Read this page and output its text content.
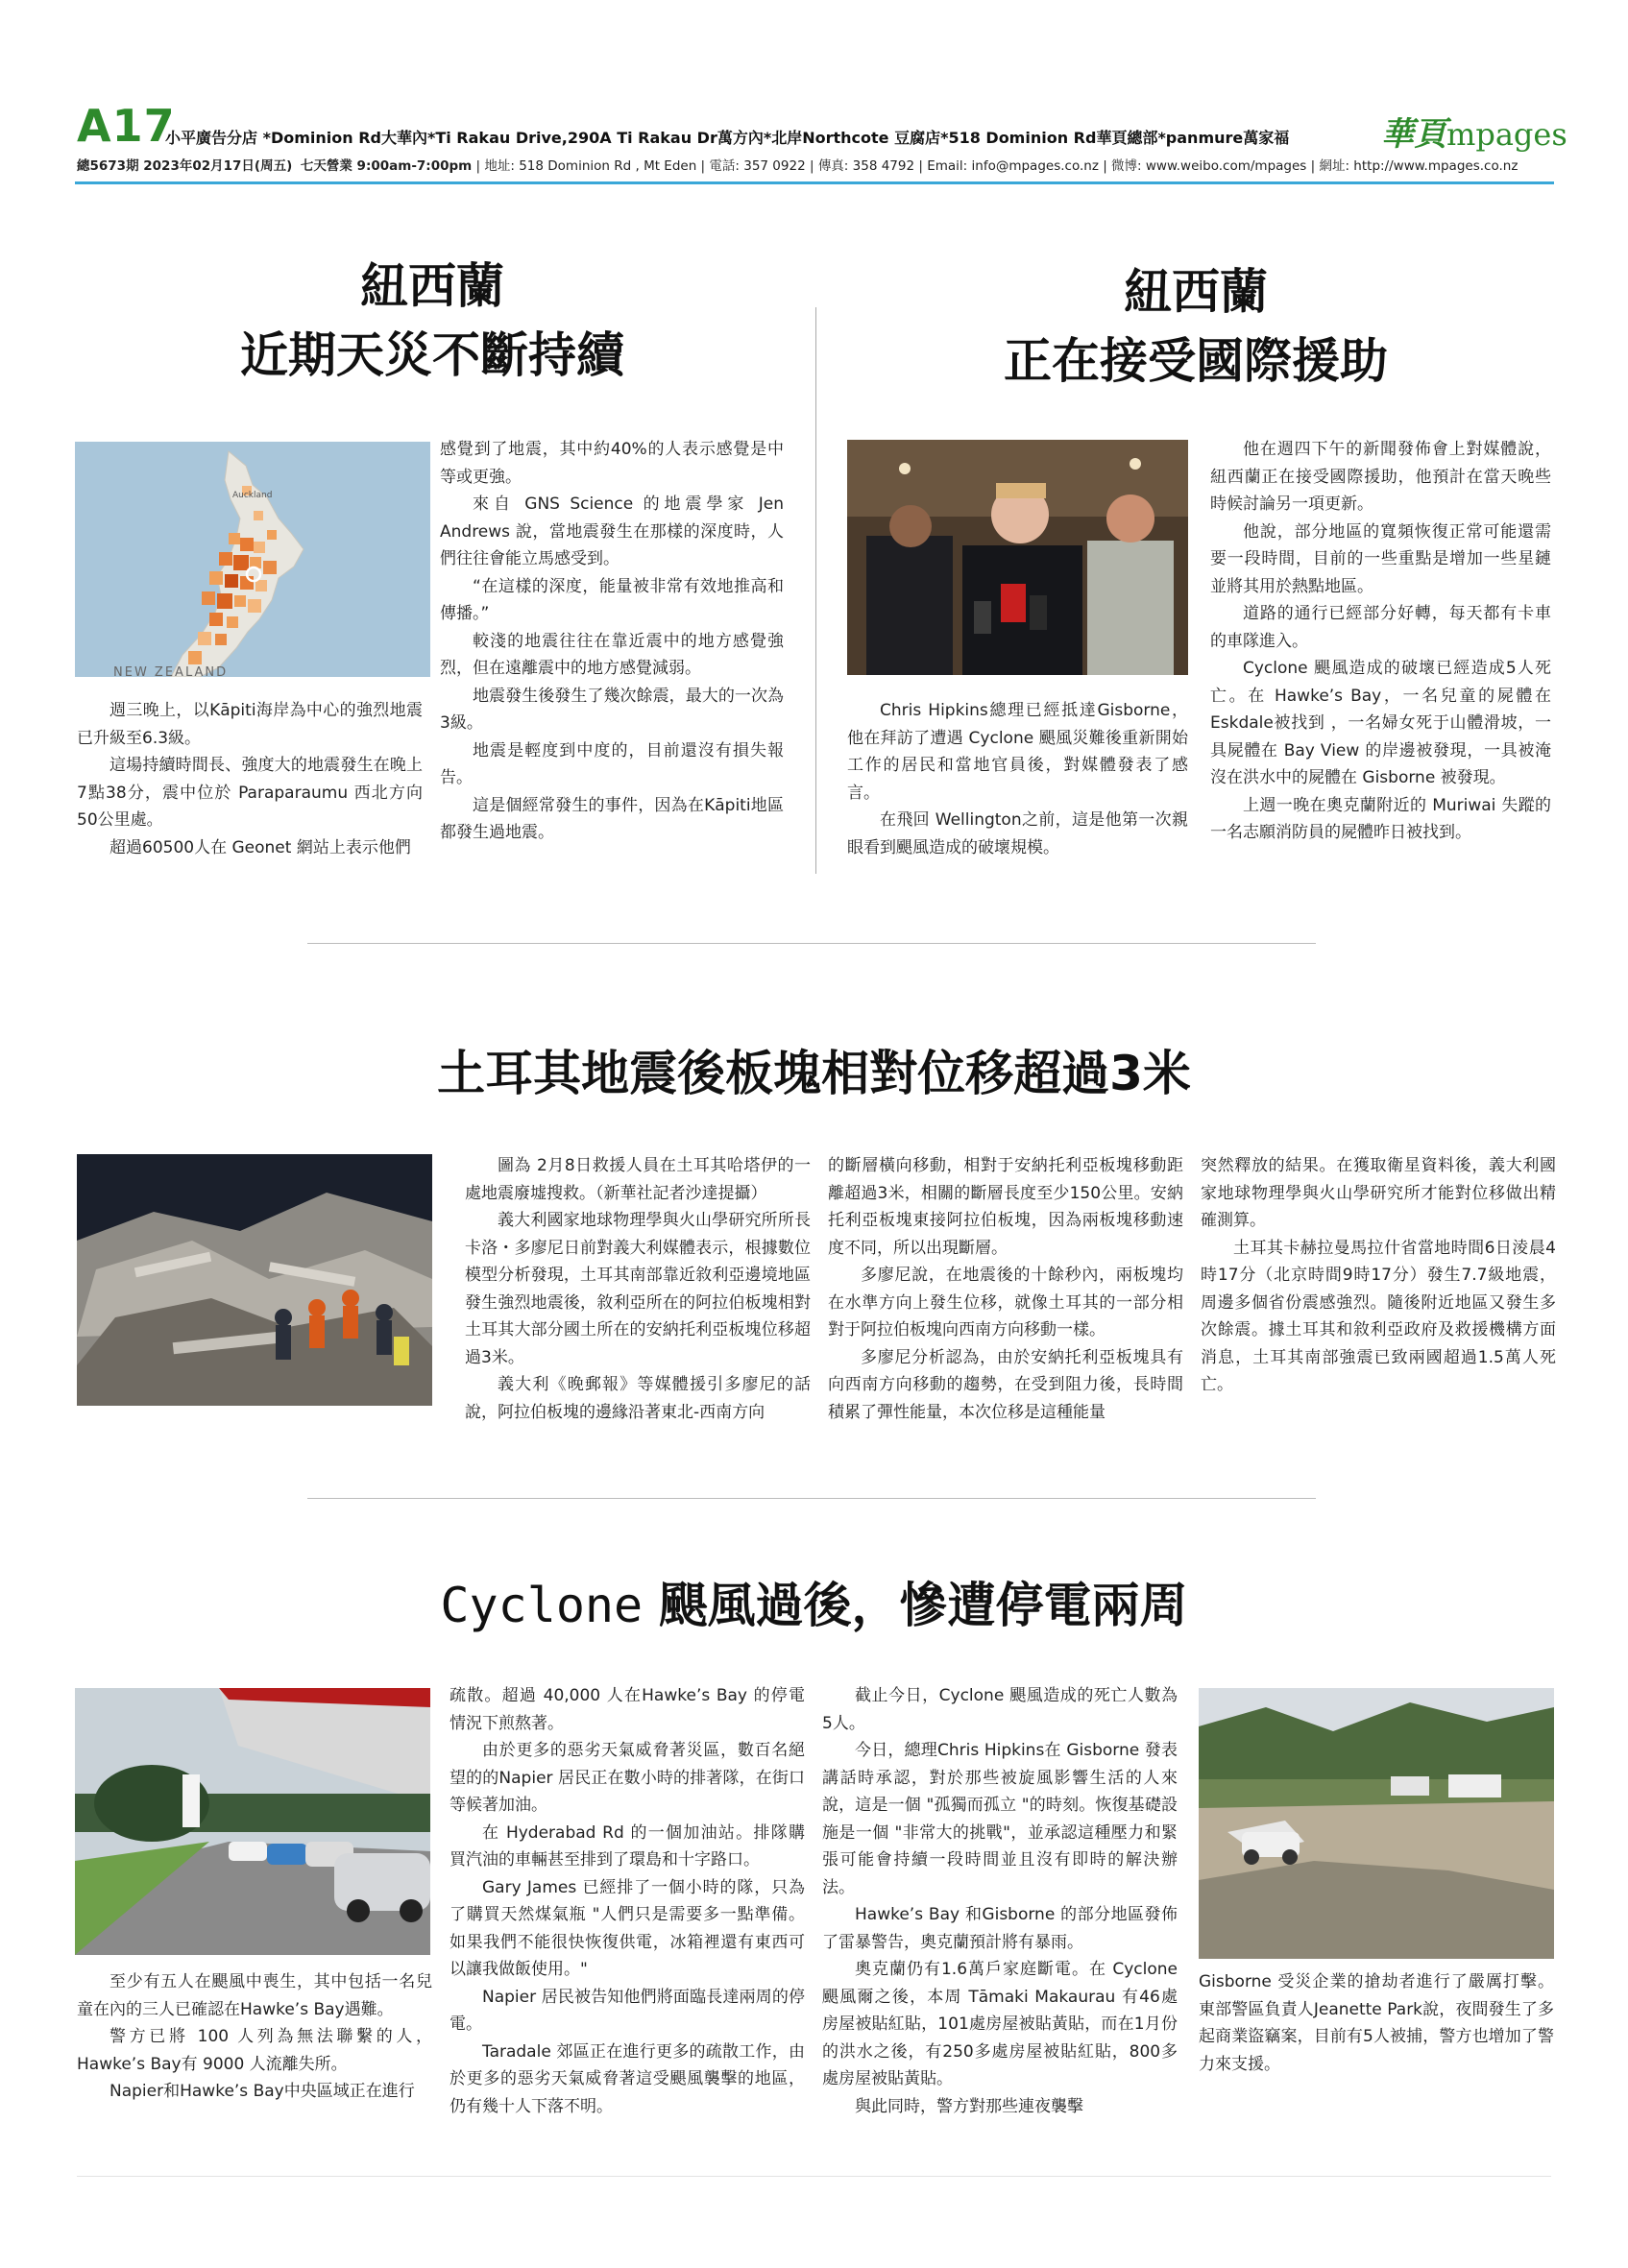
A17
小平廣告分店 *Dominion Rd大華內*Ti Rakau Drive,290A Ti Rakau Dr萬方內*北岸Northcote 豆腐店*518 Dominion Rd華頁總部*panmure萬家福
總5673期 2023年02月17日(周五) 七天營業 9:00am-7:00pm | 地址: 518 Dominion Rd , Mt Eden | 電話: 357 0922 | 傳真: 358 4792 | Email: info@mpages.co.nz | 微博: www.weibo.com/mpages | 網址: http://www.mpages.co.nz
華頁mpages
紐西蘭
近期天災不斷持續
Auckland
NEW ZEALAND

週三晚上，以Kāpiti海岸為中心的強烈地震已升級至6.3級。

這場持續時間長、強度大的地震發生在晚上7點38分，震中位於 Paraparaumu 西北方向50公里處。

超過60500人在 Geonet 網站上表示他們

感覺到了地震，其中約40%的人表示感覺是中等或更強。

來自 GNS Science 的地震學家 Jen Andrews 說，當地震發生在那樣的深度時，人們往往會能立馬感受到。

“在這樣的深度，能量被非常有效地推高和傳播。”

較淺的地震往往在靠近震中的地方感覺強烈，但在遠離震中的地方感覺減弱。

地震發生後發生了幾次餘震，最大的一次為3級。

地震是輕度到中度的，目前還沒有損失報告。

這是個經常發生的事件，因為在Kāpiti地區都發生過地震。

紐西蘭
正在接受國際援助

Chris Hipkins總理已經抵達Gisborne，他在拜訪了遭遇 Cyclone 颶風災難後重新開始工作的居民和當地官員後，對媒體發表了感言。

在飛回 Wellington之前，這是他第一次親眼看到颶風造成的破壞規模。

他在週四下午的新聞發佈會上對媒體說，紐西蘭正在接受國際援助，他預計在當天晚些時候討論另一項更新。

他說，部分地區的寬頻恢復正常可能還需要一段時間，目前的一些重點是增加一些星鏈並將其用於熱點地區。

道路的通行已經部分好轉，每天都有卡車的車隊進入。

Cyclone 颶風造成的破壞已經造成5人死亡。在 Hawke’s Bay，一名兒童的屍體在 Eskdale被找到 ，一名婦女死于山體滑坡，一具屍體在 Bay View 的岸邊被發現，一具被淹沒在洪水中的屍體在 Gisborne 被發現。

上週一晚在奧克蘭附近的 Muriwai 失蹤的一名志願消防員的屍體昨日被找到。

土耳其地震後板塊相對位移超過3米

圖為 2月8日救援人員在土耳其哈塔伊的一處地震廢墟搜救。（新華社記者沙達提攝）

義大利國家地球物理學與火山學研究所所長卡洛・多廖尼日前對義大利媒體表示，根據數位模型分析發現，土耳其南部靠近敘利亞邊境地區發生強烈地震後，敘利亞所在的阿拉伯板塊相對土耳其大部分國土所在的安納托利亞板塊位移超過3米。

義大利《晚郵報》等媒體援引多廖尼的話說，阿拉伯板塊的邊緣沿著東北-西南方向

的斷層橫向移動，相對于安納托利亞板塊移動距離超過3米，相關的斷層長度至少150公里。安納托利亞板塊東接阿拉伯板塊，因為兩板塊移動速度不同，所以出現斷層。

多廖尼說，在地震後的十餘秒內，兩板塊均在水準方向上發生位移，就像土耳其的一部分相對于阿拉伯板塊向西南方向移動一樣。

多廖尼分析認為，由於安納托利亞板塊具有向西南方向移動的趨勢，在受到阻力後，長時間積累了彈性能量，本次位移是這種能量

突然釋放的結果。在獲取衛星資料後，義大利國家地球物理學與火山學研究所才能對位移做出精確測算。

土耳其卡赫拉曼馬拉什省當地時間6日淩晨4時17分（北京時間9時17分）發生7.7級地震，周邊多個省份震感強烈。隨後附近地區又發生多次餘震。據土耳其和敘利亞政府及救援機構方面消息，土耳其南部強震已致兩國超過1.5萬人死亡。

Cyclone 颶風過後，慘遭停電兩周

至少有五人在颶風中喪生，其中包括一名兒童在內的三人已確認在Hawke’s Bay遇難。

警方已將 100 人列為無法聯繫的人，Hawke’s Bay有 9000 人流離失所。

Napier和Hawke’s Bay中央區域正在進行

疏散。超過 40,000 人在Hawke’s Bay 的停電情況下煎熬著。

由於更多的惡劣天氣威脅著災區，數百名絕望的的Napier 居民正在數小時的排著隊，在街口等候著加油。

在 Hyderabad Rd 的一個加油站。排隊購買汽油的車輛甚至排到了環島和十字路口。

Gary James 已經排了一個小時的隊，只為了購買天然煤氣瓶 "人們只是需要多一點準備。如果我們不能很快恢復供電，冰箱裡還有東西可以讓我做飯使用。"

Napier 居民被告知他們將面臨長達兩周的停電。

Taradale 郊區正在進行更多的疏散工作，由於更多的惡劣天氣威脅著這受颶風襲擊的地區，仍有幾十人下落不明。

截止今日，Cyclone 颶風造成的死亡人數為5人。

今日，總理Chris Hipkins在 Gisborne 發表講話時承認，對於那些被旋風影響生活的人來說，這是一個 "孤獨而孤立 "的時刻。恢復基礎設施是一個 "非常大的挑戰"，並承認這種壓力和緊張可能會持續一段時間並且沒有即時的解決辦法。

Hawke’s Bay 和Gisborne 的部分地區發佈了雷暴警告，奧克蘭預計將有暴雨。

奧克蘭仍有1.6萬戶家庭斷電。在 Cyclone 颶風爾之後，本周 Tāmaki Makaurau 有46處房屋被貼紅貼，101處房屋被貼黃貼，而在1月份的洪水之後，有250多處房屋被貼紅貼，800多處房屋被貼黃貼。

與此同時，警方對那些連夜襲擊

Gisborne 受災企業的搶劫者進行了嚴厲打擊。東部警區負責人Jeanette Park說，夜間發生了多起商業盜竊案，目前有5人被捕，警方也增加了警力來支援。
